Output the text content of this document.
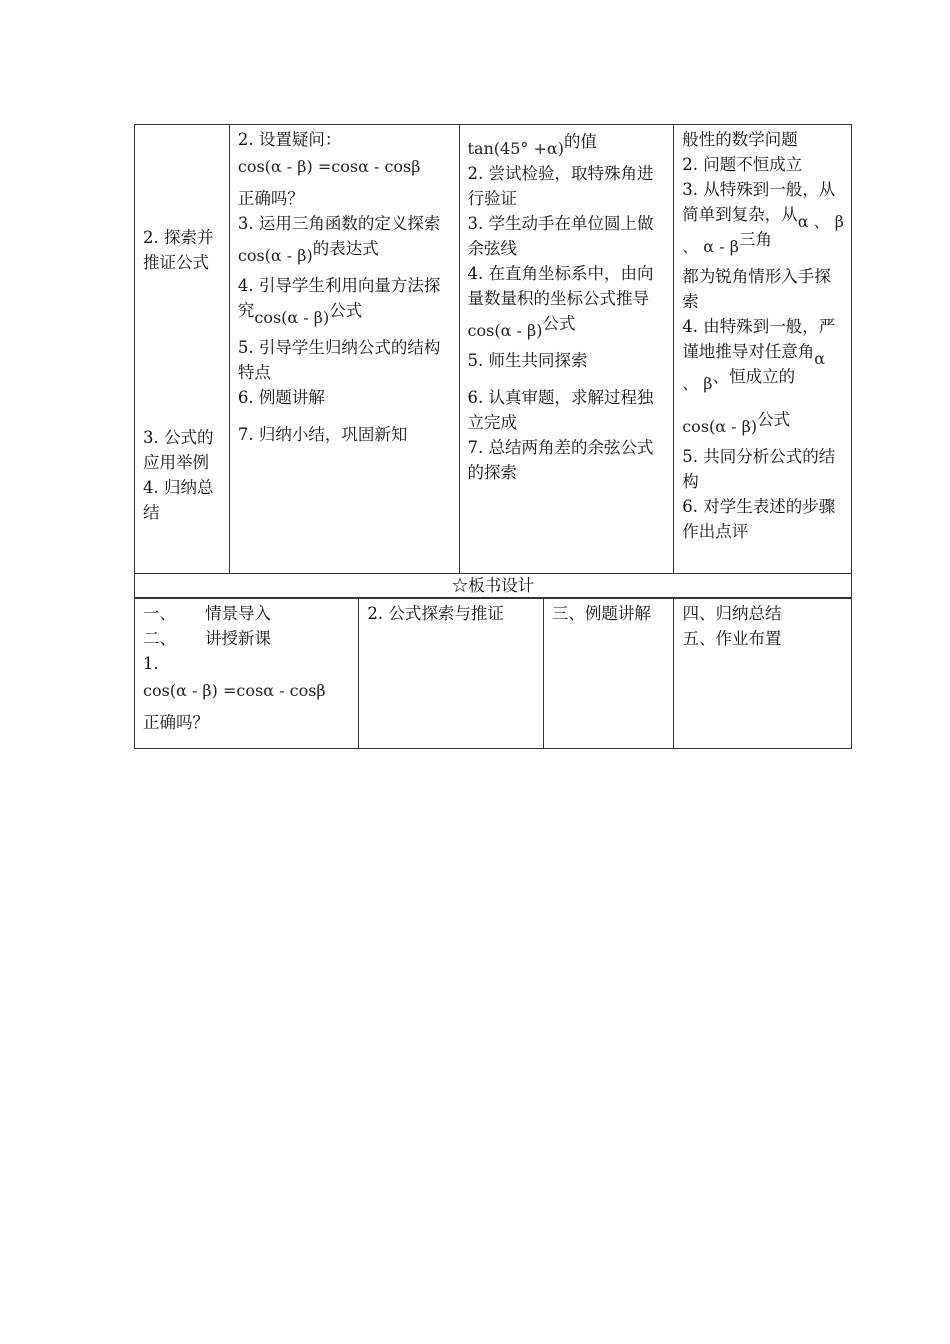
2. 探索并推证公式
3. 公式的应用举例
4. 归纳总结

2. 设置疑问：
cos(α - β) =cosα - cosβ
正确吗？
3. 运用三角函数的定义探索cos(α - β)的表达式
4. 引导学生利用向量方法探究cos(α - β)公式
5. 引导学生归纳公式的结构特点
6. 例题讲解
7. 归纳小结，巩固新知

tan(45° +α)的值
2. 尝试检验，取特殊角进行验证
3. 学生动手在单位圆上做余弦线
4. 在直角坐标系中，由向量数量积的坐标公式推导cos(α - β)公式
5. 师生共同探索
6. 认真审题，求解过程独立完成
7. 总结两角差的余弦公式的探索

般性的数学问题
2. 问题不恒成立
3. 从特殊到一般，从简单到复杂，从α 、 β 、 α - β三角
都为锐角情形入手探索
4. 由特殊到一般，严谨地推导对任意角α 、 β、恒成立的
cos(α - β)公式
5. 共同分析公式的结构
6. 对学生表述的步骤作出点评
☆板书设计
一、 情景导入
二、 讲授新课
1.
cos(α - β) =cosα - cosβ
正确吗？

2. 公式探索与推证	三、例题讲解	四、归纳总结
五、作业布置
